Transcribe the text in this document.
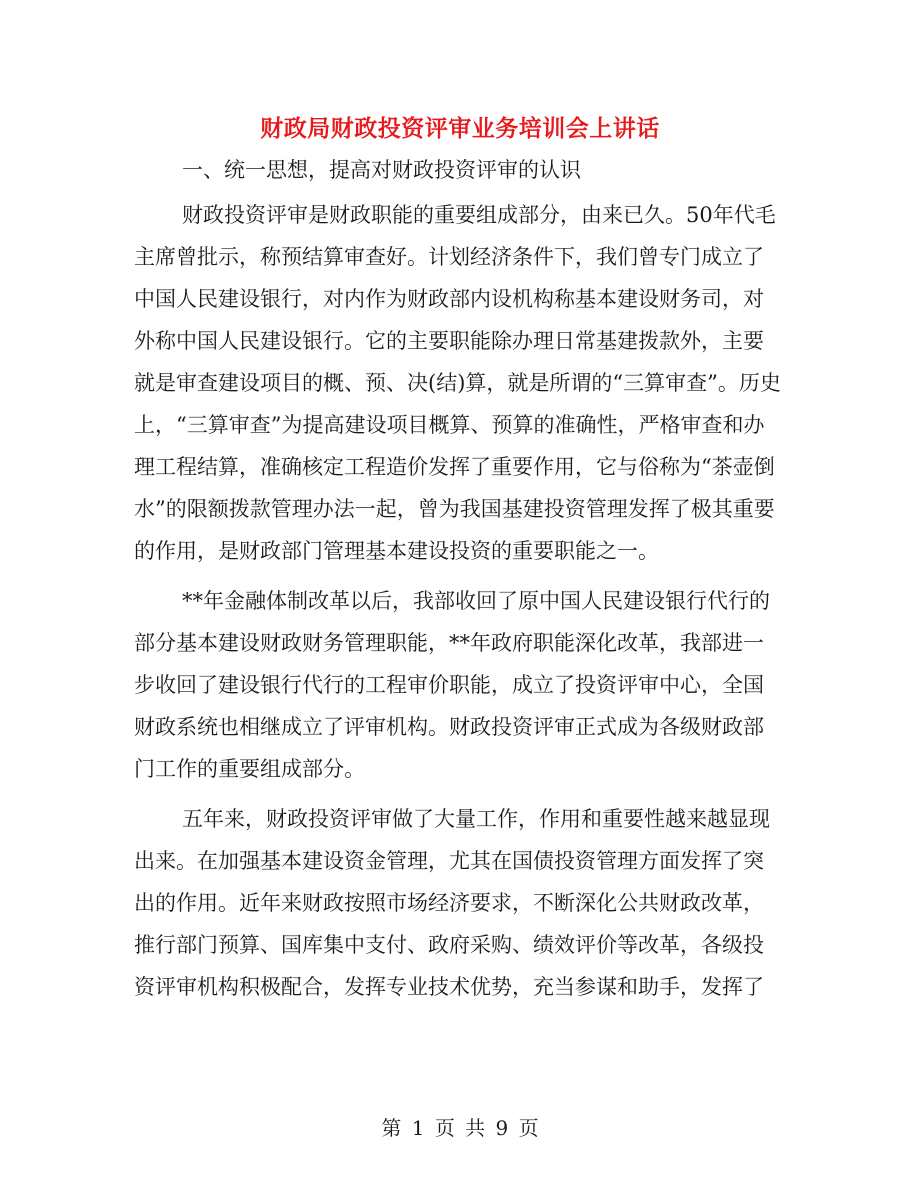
财政局财政投资评审业务培训会上讲话
一、统一思想，提高对财政投资评审的认识
财政投资评审是财政职能的重要组成部分，由来已久。50年代毛
主席曾批示，称预结算审查好。计划经济条件下，我们曾专门成立了
中国人民建设银行，对内作为财政部内设机构称基本建设财务司，对
外称中国人民建设银行。它的主要职能除办理日常基建拨款外，主要
就是审查建设项目的概、预、决(结)算，就是所谓的“三算审查”。历史
上，“三算审查”为提高建设项目概算、预算的准确性，严格审查和办
理工程结算，准确核定工程造价发挥了重要作用，它与俗称为“茶壶倒
水”的限额拨款管理办法一起，曾为我国基建投资管理发挥了极其重要
的作用，是财政部门管理基本建设投资的重要职能之一。
**年金融体制改革以后，我部收回了原中国人民建设银行代行的
部分基本建设财政财务管理职能，**年政府职能深化改革，我部进一
步收回了建设银行代行的工程审价职能，成立了投资评审中心，全国
财政系统也相继成立了评审机构。财政投资评审正式成为各级财政部
门工作的重要组成部分。
五年来，财政投资评审做了大量工作，作用和重要性越来越显现
出来。在加强基本建设资金管理，尤其在国债投资管理方面发挥了突
出的作用。近年来财政按照市场经济要求，不断深化公共财政改革，
推行部门预算、国库集中支付、政府采购、绩效评价等改革，各级投
资评审机构积极配合，发挥专业技术优势，充当参谋和助手，发挥了
第 1 页 共 9 页
